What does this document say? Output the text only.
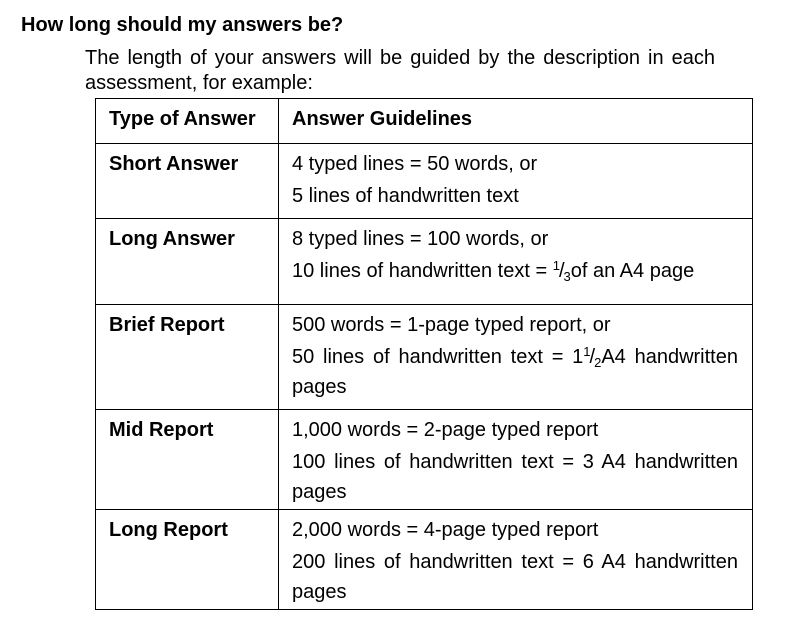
How long should my answers be?

The length of your answers will be guided by the description in each assessment, for example:

Type of Answer	Answer Guidelines
Short Answer	4 typed lines = 50 words, or

5 lines of handwritten text

Long Answer	8 typed lines = 100 words, or

10 lines of handwritten text = $^1/_3of$ an A4 page

Brief Report	500 words = 1-page typed report, or

50 lines of handwritten text = $1^1/_2A4$ handwritten pages

Mid Report	1,000 words = 2-page typed report

100 lines of handwritten text = 3 A4 handwritten pages

Long Report	2,000 words = 4-page typed report

200 lines of handwritten text = 6 A4 handwritten pages
